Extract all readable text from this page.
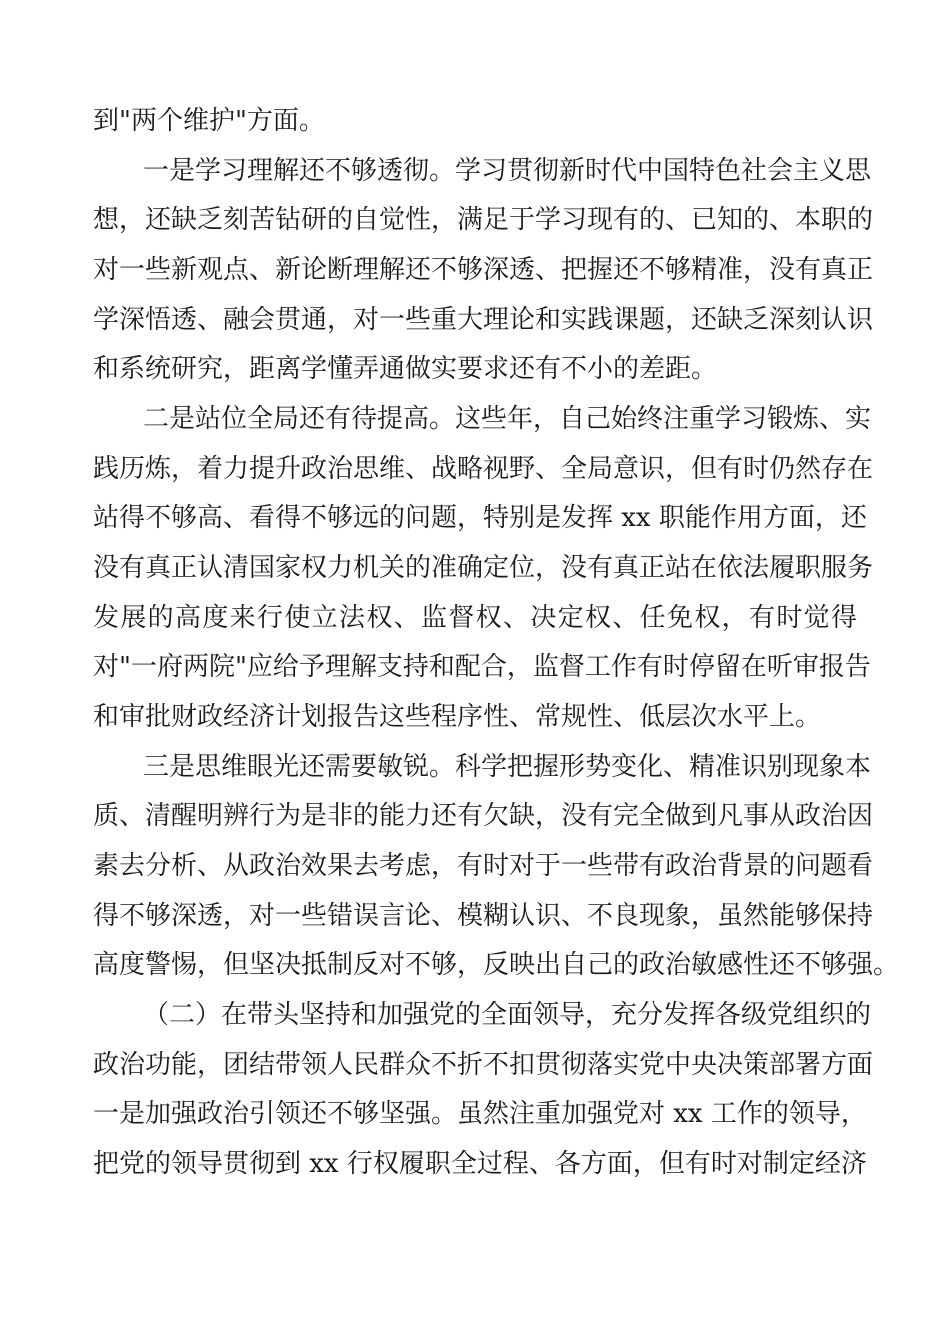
到"两个维护"方面。

一是学习理解还不够透彻。学习贯彻新时代中国特色社会主义思

想，还缺乏刻苦钻研的自觉性，满足于学习现有的、已知的、本职的

对一些新观点、新论断理解还不够深透、把握还不够精准，没有真正

学深悟透、融会贯通，对一些重大理论和实践课题，还缺乏深刻认识

和系统研究，距离学懂弄通做实要求还有不小的差距。

二是站位全局还有待提高。这些年，自己始终注重学习锻炼、实

践历炼，着力提升政治思维、战略视野、全局意识，但有时仍然存在

站得不够高、看得不够远的问题，特别是发挥 xx 职能作用方面，还

没有真正认清国家权力机关的准确定位，没有真正站在依法履职服务

发展的高度来行使立法权、监督权、决定权、任免权，有时觉得

对"一府两院"应给予理解支持和配合，监督工作有时停留在听审报告

和审批财政经济计划报告这些程序性、常规性、低层次水平上。

三是思维眼光还需要敏锐。科学把握形势变化、精准识别现象本

质、清醒明辨行为是非的能力还有欠缺，没有完全做到凡事从政治因

素去分析、从政治效果去考虑，有时对于一些带有政治背景的问题看

得不够深透，对一些错误言论、模糊认识、不良现象，虽然能够保持

高度警惕，但坚决抵制反对不够，反映出自己的政治敏感性还不够强。

（二）在带头坚持和加强党的全面领导，充分发挥各级党组织的

政治功能，团结带领人民群众不折不扣贯彻落实党中央决策部署方面

一是加强政治引领还不够坚强。虽然注重加强党对 xx 工作的领导，

把党的领导贯彻到 xx 行权履职全过程、各方面，但有时对制定经济
